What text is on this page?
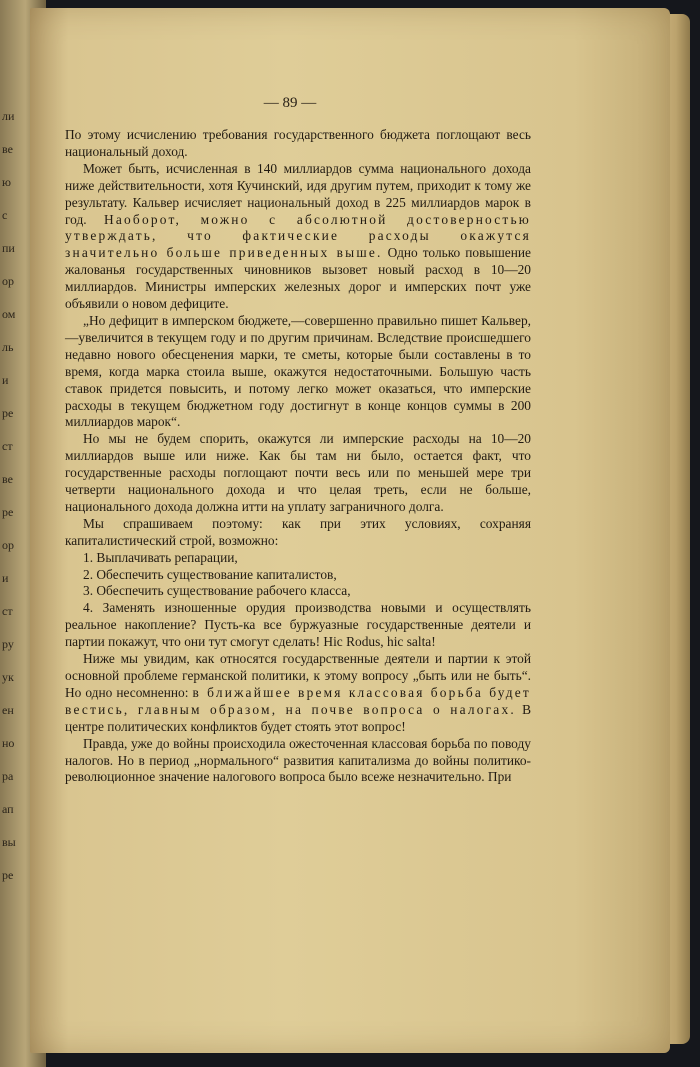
ли
ве
ю
с
пи
ор
ом
ль
и
ре
ст
ве
ре
ор
и
ст
ру
ук
ен
но
ра
ап
вы
ре
— 89 —

По этому исчислению требования государственного бюджета поглощают весь национальный доход.

Может быть, исчисленная в 140 миллиардов сумма национального дохода ниже действительности, хотя Кучинский, идя другим путем, приходит к тому же результату. Кальвер исчисляет национальный доход в 225 миллиардов марок в год. Наоборот, можно с абсолютной достоверностью утверждать, что фактические расходы окажутся значительно больше приведенных выше. Одно только повышение жалованья государственных чиновников вызовет новый расход в 10—20 миллиардов. Министры имперских железных дорог и имперских почт уже объявили о новом дефиците.

„Но дефицит в имперском бюджете,—совершенно правильно пишет Кальвер,—увеличится в текущем году и по другим причинам. Вследствие происшедшего недавно нового обесценения марки, те сметы, которые были составлены в то время, когда марка стоила выше, окажутся недостаточными. Большую часть ставок придется повысить, и потому легко может оказаться, что имперские расходы в текущем бюджетном году достигнут в конце концов суммы в 200 миллиардов марок“.

Но мы не будем спорить, окажутся ли имперские расходы на 10—20 миллиардов выше или ниже. Как бы там ни было, остается факт, что государственные расходы поглощают почти весь или по меньшей мере три четверти национального дохода и что целая треть, если не больше, национального дохода должна итти на уплату заграничного долга.

Мы спрашиваем поэтому: как при этих условиях, сохраняя капиталистический строй, возможно:

1. Выплачивать репарации,

2. Обеспечить существование капиталистов,

3. Обеспечить существование рабочего класса,

4. Заменять изношенные орудия производства новыми и осуществлять реальное накопление? Пусть-ка все буржуазные государственные деятели и партии покажут, что они тут смогут сделать! Hic Rodus, hic salta!

Ниже мы увидим, как относятся государственные деятели и партии к этой основной проблеме германской политики, к этому вопросу „быть или не быть“. Но одно несомненно: в ближайшее время классовая борьба будет вестись, главным образом, на почве вопроса о налогах. В центре политических конфликтов будет стоять этот вопрос!

Правда, уже до войны происходила ожесточенная классовая борьба по поводу налогов. Но в период „нормального“ развития капитализма до войны политико-революционное значение налогового вопроса было всеже незначительно. При
